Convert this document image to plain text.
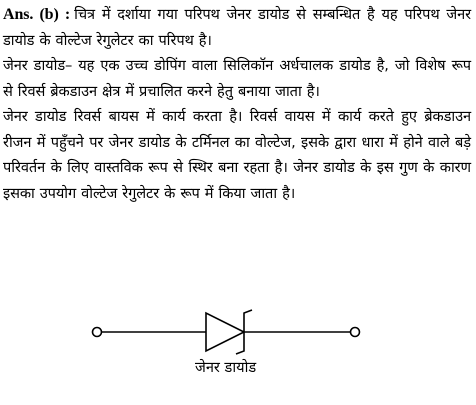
Ans. (b) : चित्र में दर्शाया गया परिपथ जेनर डायोड से सम्बन्धित है यह परिपथ जेनर डायोड के वोल्टेज रेगुलेटर का परिपथ है।

जेनर डायोड– यह एक उच्च डोपिंग वाला सिलिकॉन अर्धचालक डायोड है, जो विशेष रूप से रिवर्स ब्रेकडाउन क्षेत्र में प्रचालित करने हेतु बनाया जाता है।

जेनर डायोड रिवर्स बायस में कार्य करता है। रिवर्स वायस में कार्य करते हुए ब्रेकडाउन रीजन में पहुँचने पर जेनर डायोड के टर्मिनल का वोल्टेज, इसके द्वारा धारा में होने वाले बड़े परिवर्तन के लिए वास्तविक रूप से स्थिर बना रहता है। जेनर डायोड के इस गुण के कारण इसका उपयोग वोल्टेज रेगुलेटर के रूप में किया जाता है।

जेनर डायोड
